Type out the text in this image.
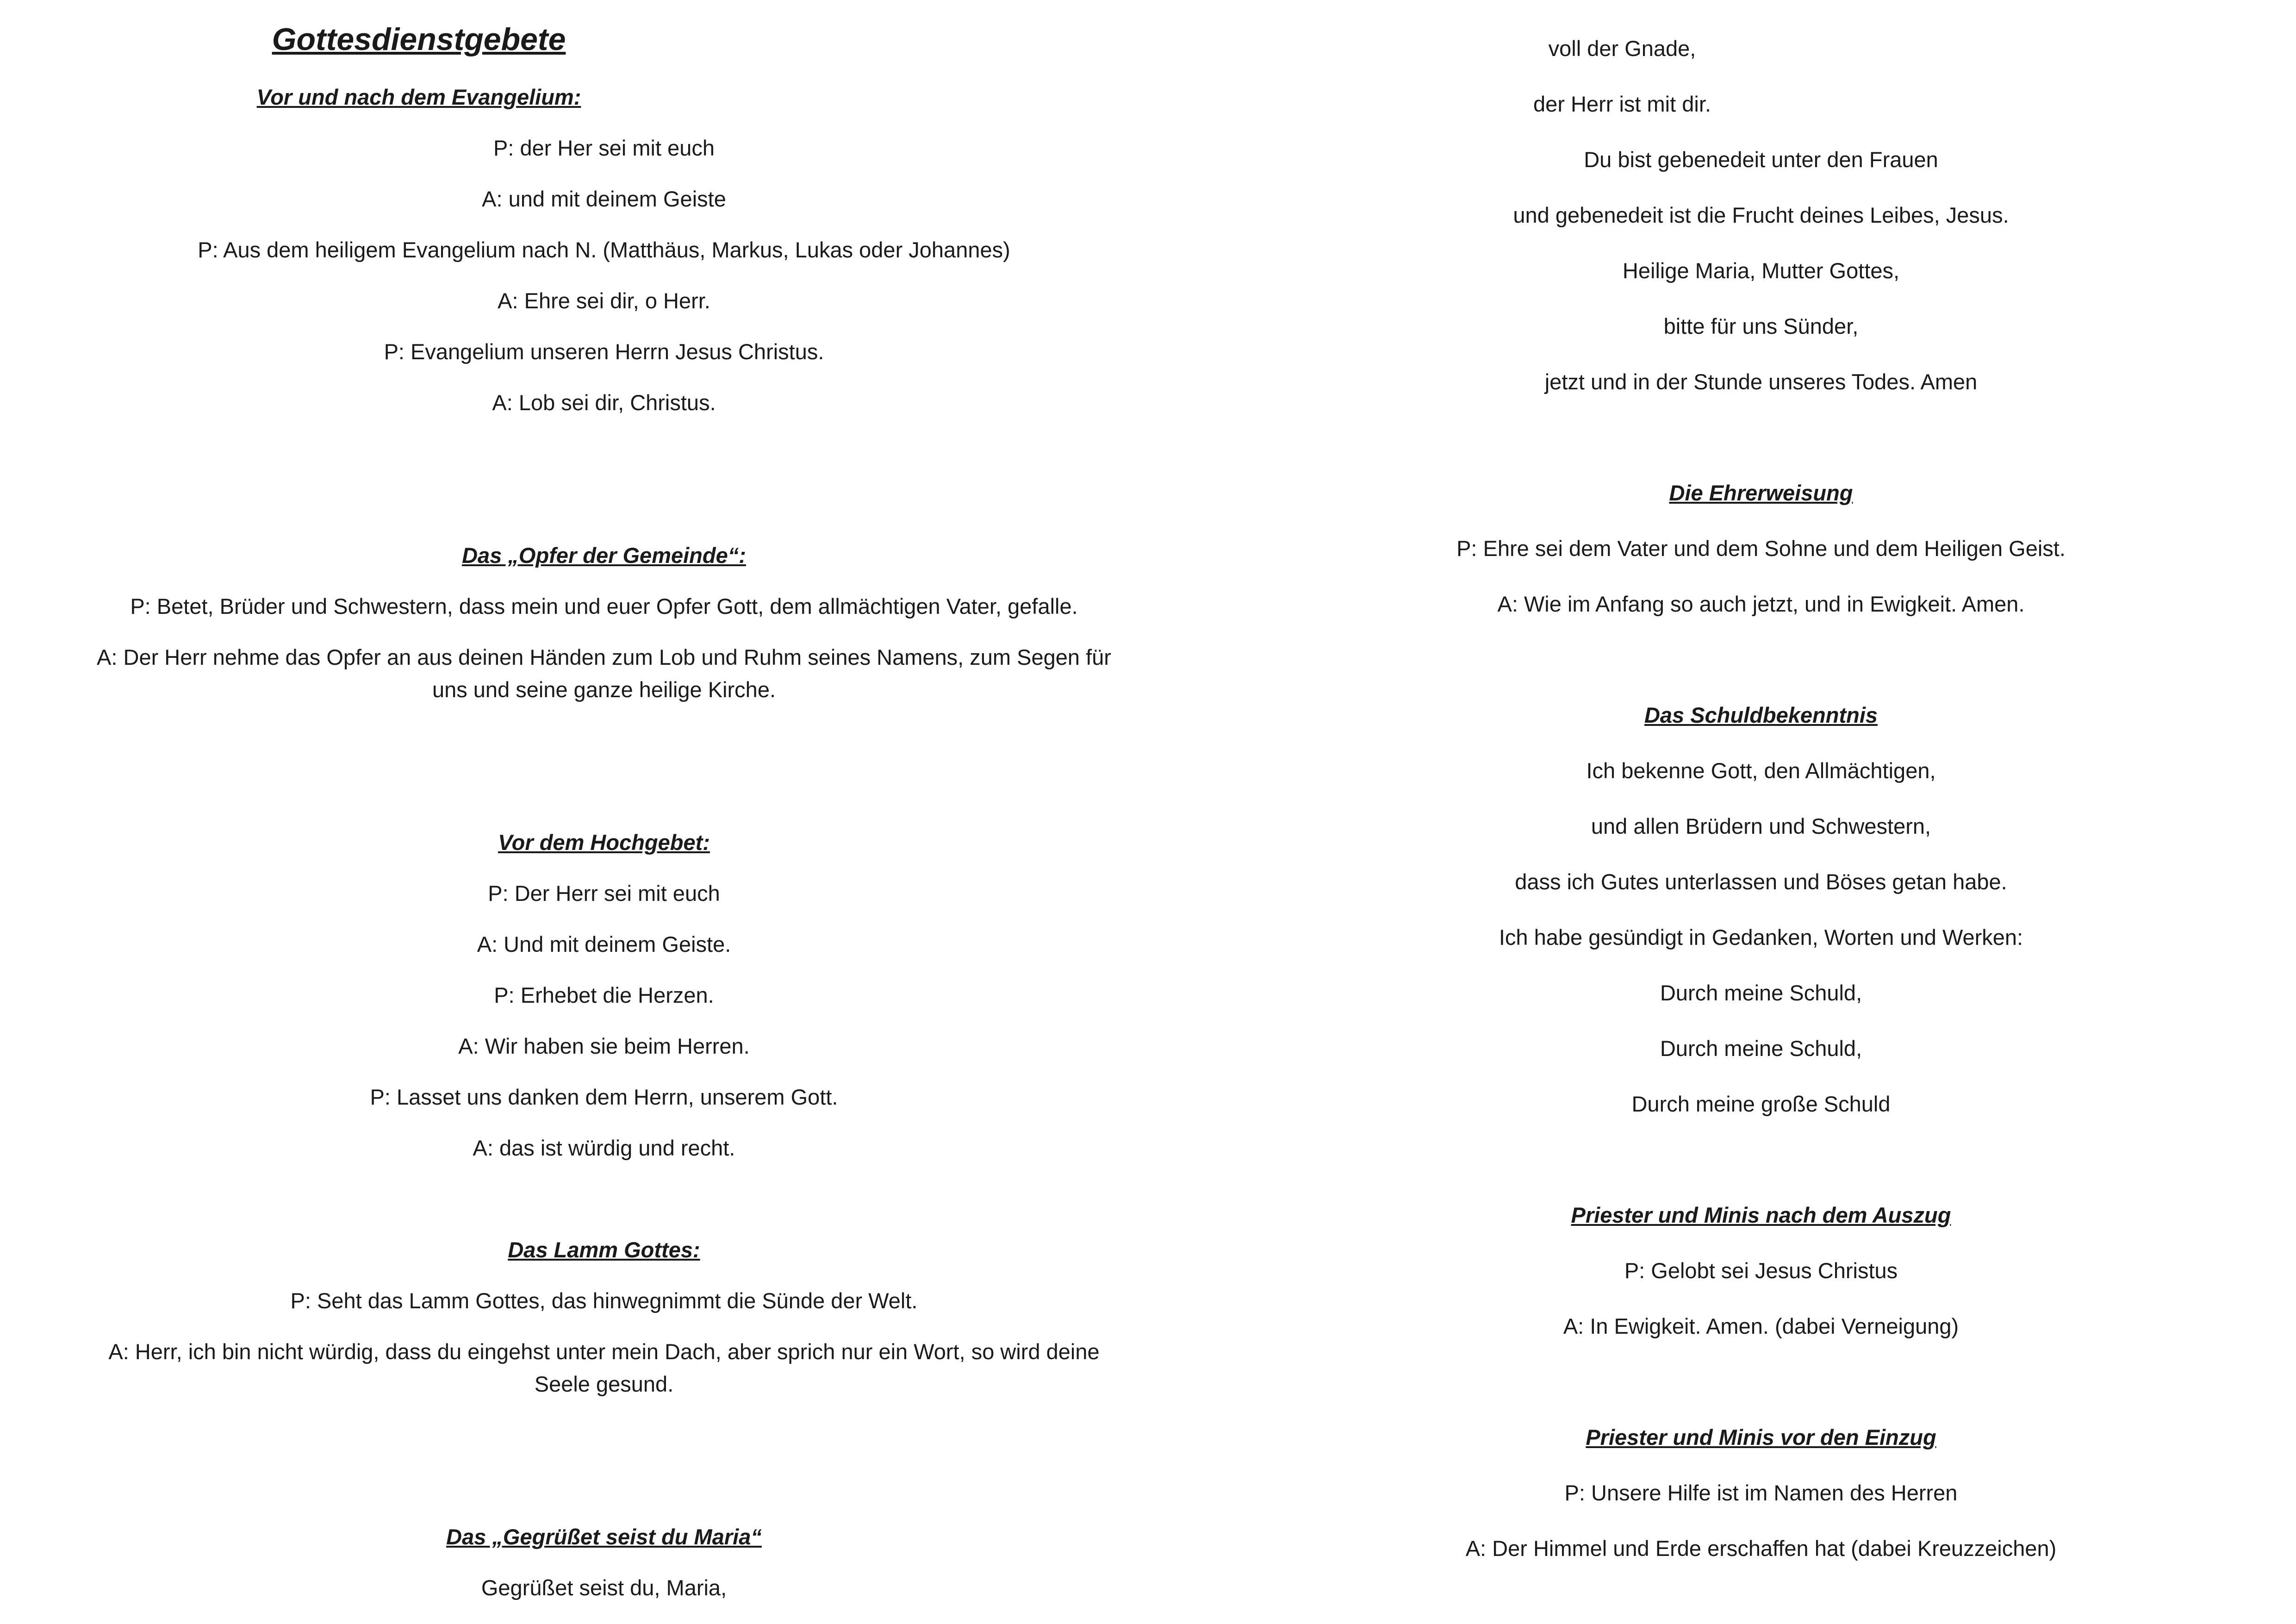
Gottesdienstgebete
Vor und nach dem Evangelium:
P: der Her sei mit euch
A: und mit deinem Geiste
P: Aus dem heiligem Evangelium nach N. (Matthäus, Markus, Lukas oder Johannes)
A: Ehre sei dir, o Herr.
P: Evangelium unseren Herrn Jesus Christus.
A: Lob sei dir, Christus.
Das „Opfer der Gemeinde“:
P: Betet, Brüder und Schwestern, dass mein und euer Opfer Gott, dem allmächtigen Vater, gefalle.
A: Der Herr nehme das Opfer an aus deinen Händen zum Lob und Ruhm seines Namens, zum Segen für uns und seine ganze heilige Kirche.
Vor dem Hochgebet:
P: Der Herr sei mit euch
A: Und mit deinem Geiste.
P: Erhebet die Herzen.
A: Wir haben sie beim Herren.
P: Lasset uns danken dem Herrn, unserem Gott.
A: das ist würdig und recht.
Das Lamm Gottes:
P: Seht das Lamm Gottes, das hinwegnimmt die Sünde der Welt.
A: Herr, ich bin nicht würdig, dass du eingehst unter mein Dach, aber sprich nur ein Wort, so wird deine Seele gesund.
Das „Gegrüßet seist du Maria“
Gegrüßet seist du, Maria,
voll der Gnade,
der Herr ist mit dir.
Du bist gebenedeit unter den Frauen
und gebenedeit ist die Frucht deines Leibes, Jesus.
Heilige Maria, Mutter Gottes,
bitte für uns Sünder,
jetzt und in der Stunde unseres Todes. Amen
Die Ehrerweisung
P: Ehre sei dem Vater und dem Sohne und dem Heiligen Geist.
A: Wie im Anfang so auch jetzt, und in Ewigkeit. Amen.
Das Schuldbekenntnis
Ich bekenne Gott, den Allmächtigen,
und allen Brüdern und Schwestern,
dass ich Gutes unterlassen und Böses getan habe.
Ich habe gesündigt in Gedanken, Worten und Werken:
Durch meine Schuld,
Durch meine Schuld,
Durch meine große Schuld
Priester und Minis nach dem Auszug
P: Gelobt sei Jesus Christus
A: In Ewigkeit. Amen. (dabei Verneigung)
Priester und Minis vor den Einzug
P: Unsere Hilfe ist im Namen des Herren
A: Der Himmel und Erde erschaffen hat (dabei Kreuzzeichen)
